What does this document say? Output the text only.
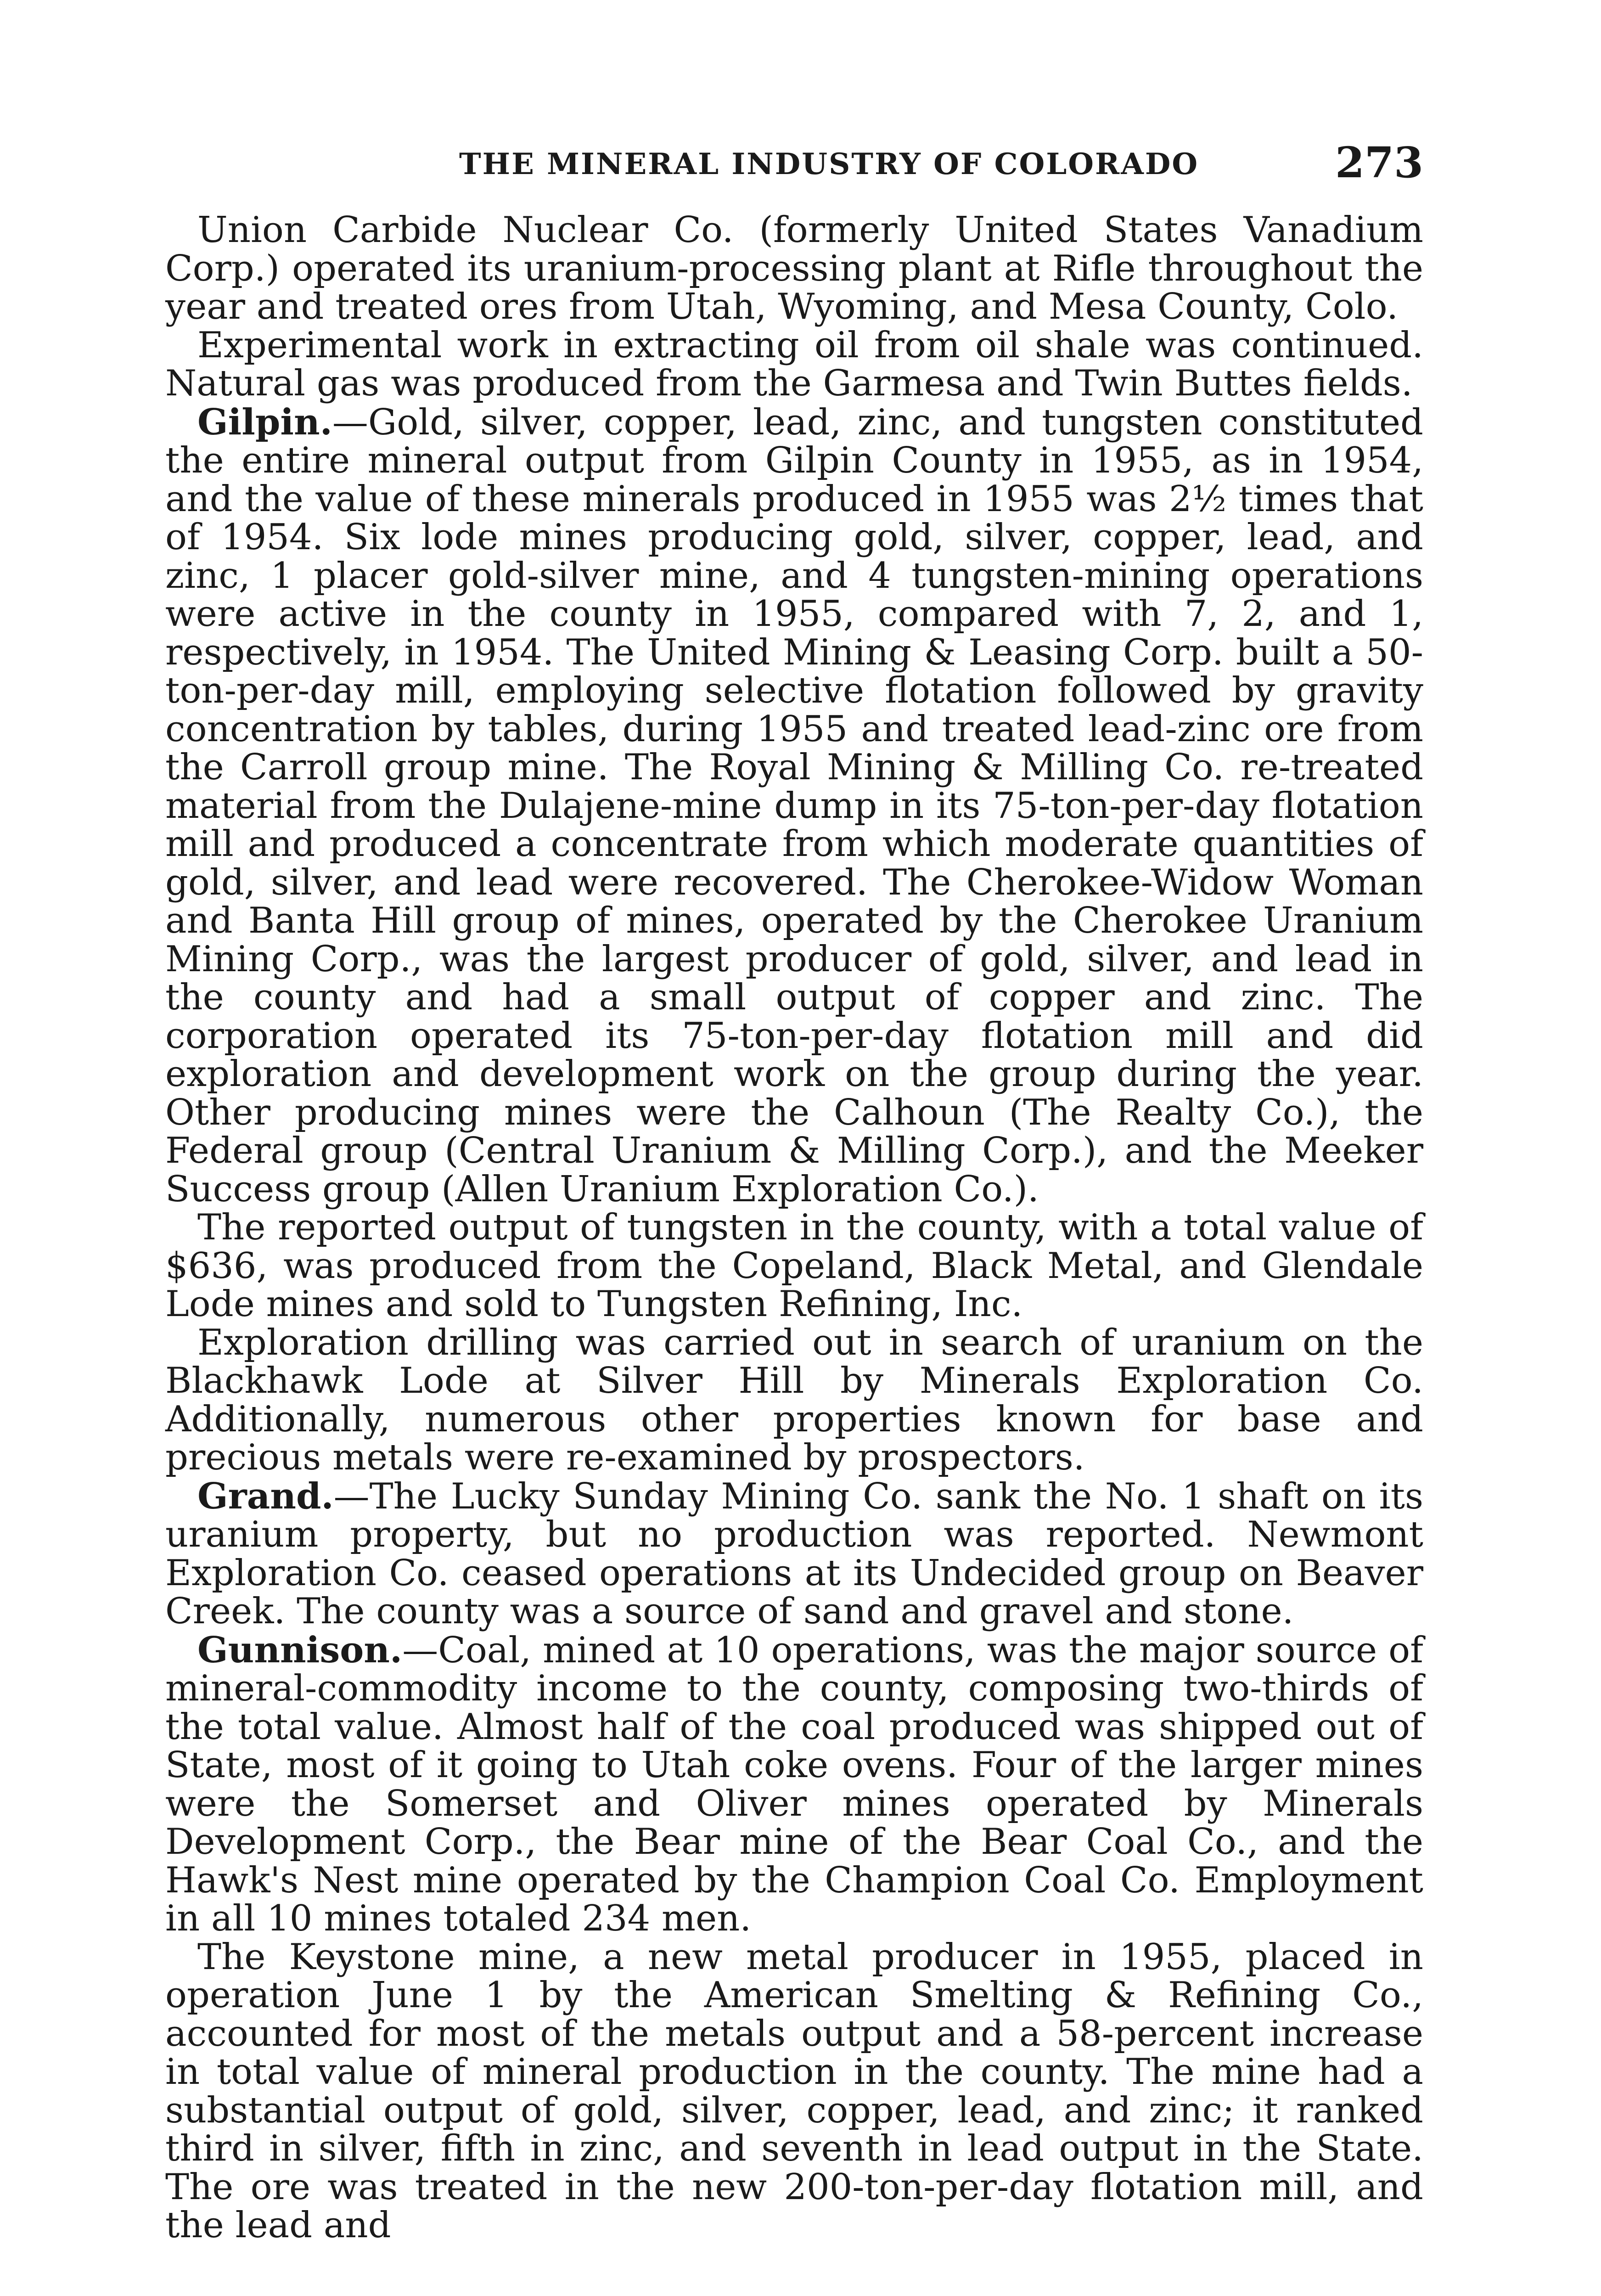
THE MINERAL INDUSTRY OF COLORADO	273

Union Carbide Nuclear Co. (formerly United States Vanadium Corp.) operated its uranium-processing plant at Rifle throughout the year and treated ores from Utah, Wyoming, and Mesa County, Colo.

Experimental work in extracting oil from oil shale was continued. Natural gas was produced from the Garmesa and Twin Buttes fields.

Gilpin.—Gold, silver, copper, lead, zinc, and tungsten constituted the entire mineral output from Gilpin County in 1955, as in 1954, and the value of these minerals produced in 1955 was 2½ times that of 1954. Six lode mines producing gold, silver, copper, lead, and zinc, 1 placer gold-silver mine, and 4 tungsten-mining operations were active in the county in 1955, compared with 7, 2, and 1, respectively, in 1954. The United Mining & Leasing Corp. built a 50-ton-per-day mill, employing selective flotation followed by gravity concentration by tables, during 1955 and treated lead-zinc ore from the Carroll group mine. The Royal Mining & Milling Co. re-treated material from the Dulajene-mine dump in its 75-ton-per-day flotation mill and produced a concentrate from which moderate quantities of gold, silver, and lead were recovered. The Cherokee-Widow Woman and Banta Hill group of mines, operated by the Cherokee Uranium Mining Corp., was the largest producer of gold, silver, and lead in the county and had a small output of copper and zinc. The corporation operated its 75-ton-per-day flotation mill and did exploration and development work on the group during the year. Other producing mines were the Calhoun (The Realty Co.), the Federal group (Central Uranium & Milling Corp.), and the Meeker Success group (Allen Uranium Exploration Co.).

The reported output of tungsten in the county, with a total value of $636, was produced from the Copeland, Black Metal, and Glendale Lode mines and sold to Tungsten Refining, Inc.

Exploration drilling was carried out in search of uranium on the Blackhawk Lode at Silver Hill by Minerals Exploration Co. Additionally, numerous other properties known for base and precious metals were re-examined by prospectors.

Grand.—The Lucky Sunday Mining Co. sank the No. 1 shaft on its uranium property, but no production was reported. Newmont Exploration Co. ceased operations at its Undecided group on Beaver Creek. The county was a source of sand and gravel and stone.

Gunnison.—Coal, mined at 10 operations, was the major source of mineral-commodity income to the county, composing two-thirds of the total value. Almost half of the coal produced was shipped out of State, most of it going to Utah coke ovens. Four of the larger mines were the Somerset and Oliver mines operated by Minerals Development Corp., the Bear mine of the Bear Coal Co., and the Hawk's Nest mine operated by the Champion Coal Co. Employment in all 10 mines totaled 234 men.

The Keystone mine, a new metal producer in 1955, placed in operation June 1 by the American Smelting & Refining Co., accounted for most of the metals output and a 58-percent increase in total value of mineral production in the county. The mine had a substantial output of gold, silver, copper, lead, and zinc; it ranked third in silver, fifth in zinc, and seventh in lead output in the State. The ore was treated in the new 200-ton-per-day flotation mill, and the lead and
